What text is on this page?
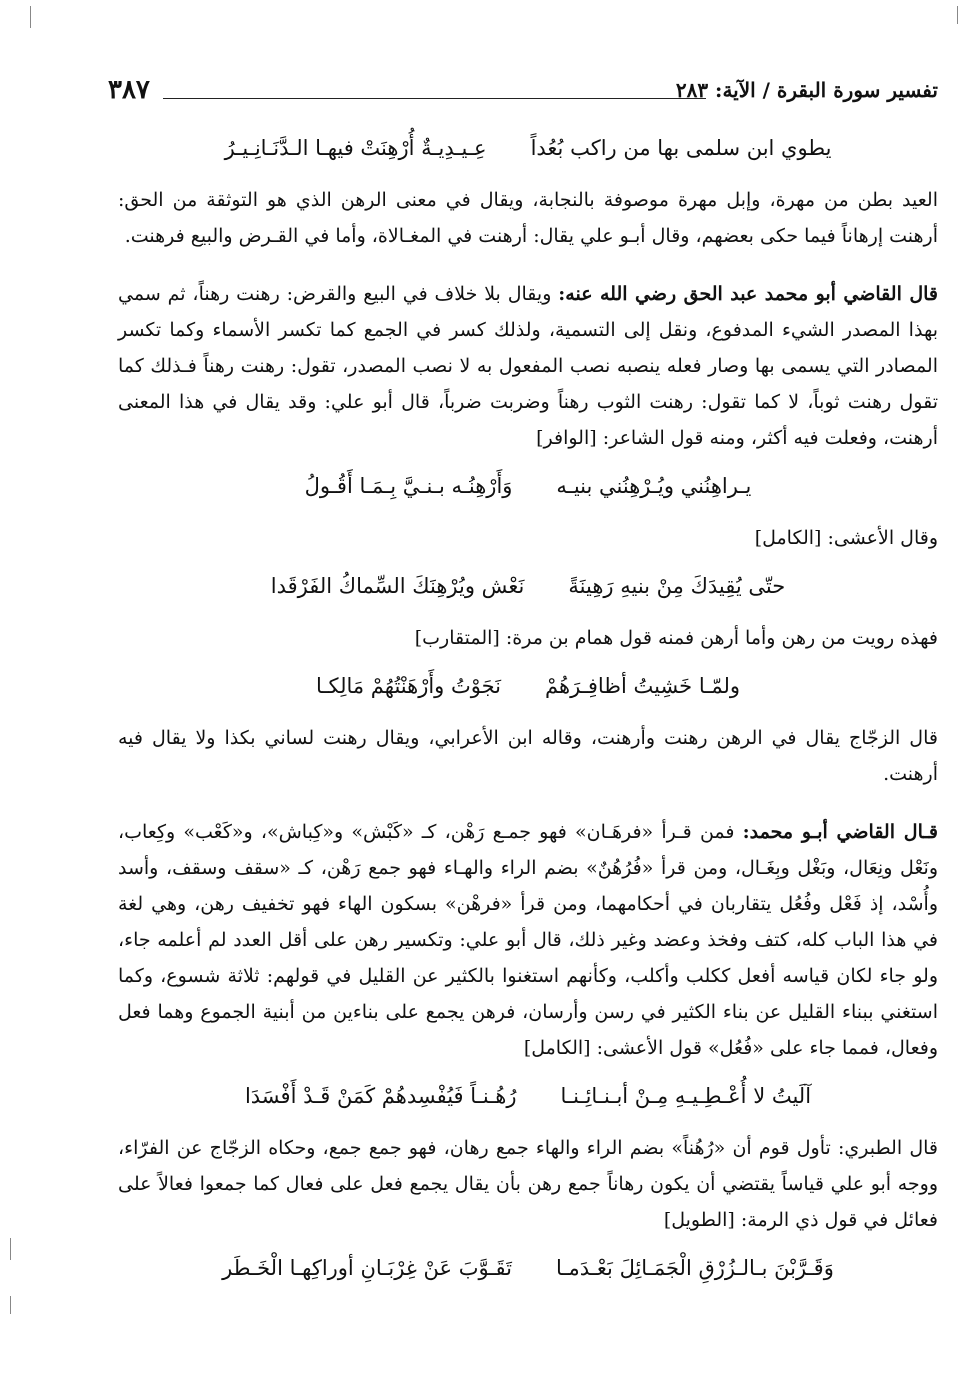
٣٨٧	تفسير سورة البقرة / الآية: ٢٨٣
يطوي ابن سلمى بها من راكب بُعُداً
عِـيـدِيـةٌ أُرْهِنَتْ فيهـا الـدَّنَـانِـيـرُ

العيد بطن من مهرة، وإبل مهرة موصوفة بالنجابة، ويقال في معنى الرهن الذي هو التوثقة من الحق: أرهنت إرهاناً فيما حكى بعضهم، وقال أبـو علي يقال: أرهنت في المغـالاة، وأما في القـرض والبيع فرهنت.

قال القاضي أبو محمد عبد الحق رضي الله عنه: ويقال بلا خلاف في البيع والقرض: رهنت رهناً، ثم سمي بهذا المصدر الشيء المدفوع، ونقل إلى التسمية، ولذلك كسر في الجمع كما تكسر الأسماء وكما تكسر المصادر التي يسمى بها وصار فعله ينصبه نصب المفعول به لا نصب المصدر، تقول: رهنت رهناً فـذلك كما تقول رهنت ثوباً، لا كما تقول: رهنت الثوب رهناً وضربت ضرباً، قال أبو علي: وقد يقال في هذا المعنى أرهنت، وفعلت فيه أكثر، ومنه قول الشاعر: [الوافر]

يـراهِنُني ويُـرْهِنُني بنيـه
وَأَرْهِنُـه بـنـيَّ بِـمَـا أَقُـولُ

وقال الأعشى: [الكامل]

حتّى يُقِيدَكَ مِنْ بنيهِ رَهِينَةً
نَعْش ويُرْهِنَكَ السِّماكُ الفَرْقَدا

فهذه رويت من رهن وأما أرهن فمنه قول همام بن مرة: [المتقارب]

ولمّـا خَشِيتُ أظافِـرَهُمْ
نَجَوْتُ وأَرْهَنْتُهُمْ مَالِكـا

قال الزجّاج يقال في الرهن رهنت وأرهنت، وقاله ابن الأعرابي، ويقال رهنت لساني بكذا ولا يقال فيه أرهنت.

قـال القاضي أبـو محمد: فمن قـرأ «فرهَـان» فهو جمـع رَهْن، كـ «كَبْش» و«كِباش»، و«كَعْب» وكِعاب، ونَعْل ونِعَال، وبَغْل وبِغَـال، ومن قرأ «فُرُهُنٌ» بضم الراء والهـاء فهو جمع رَهْن، كـ «سقف وسقف، وأسد وأُسْد، إذ فَعْل وفُعُل يتقاربان في أحكامهما، ومن قرأ «فرهْن» بسكون الهاء فهو تخفيف رهن، وهي لغة في هذا الباب كله، كتف وفخذ وعضد وغير ذلك، قال أبو علي: وتكسير رهن على أقل العدد لم أعلمه جاء، ولو جاء لكان قياسه أفعل ككلب وأكلب، وكأنهم استغنوا بالكثير عن القليل في قولهم: ثلاثة شسوع، وكما استغني ببناء القليل عن بناء الكثير في رسن وأرسان، فرهن يجمع على بناءين من أبنية الجموع وهما فعل وفعال، فمما جاء على «فُعُل» قول الأعشى: [الكامل]

آلَيتُ لا أُعْـطِـيـهِ مِـنْ أبـنـائِـنـا
رُهُـنـاً فَيُفْسِدهُمْ كَمَنْ قَـدْ أَفْسَدَا

قال الطبري: تأول قوم أن «رُهُناً» بضم الراء والهاء جمع رهان، فهو جمع جمع، وحكاه الزجّاج عن الفرّاء، ووجه أبو علي قياساً يقتضي أن يكون رهاناً جمع رهن بأن يقال يجمع فعل على فعال كما جمعوا فعالاً على فعائل في قول ذي الرمة: [الطويل]

وَقَـرَّبْنَ بـالـزُرْقِ الْجَمَـائِلَ بَعْـدَمـا
تَقَـوَّبَ عَنْ غِرْبَـانِ أوراكِهـا الْخَـطَر
